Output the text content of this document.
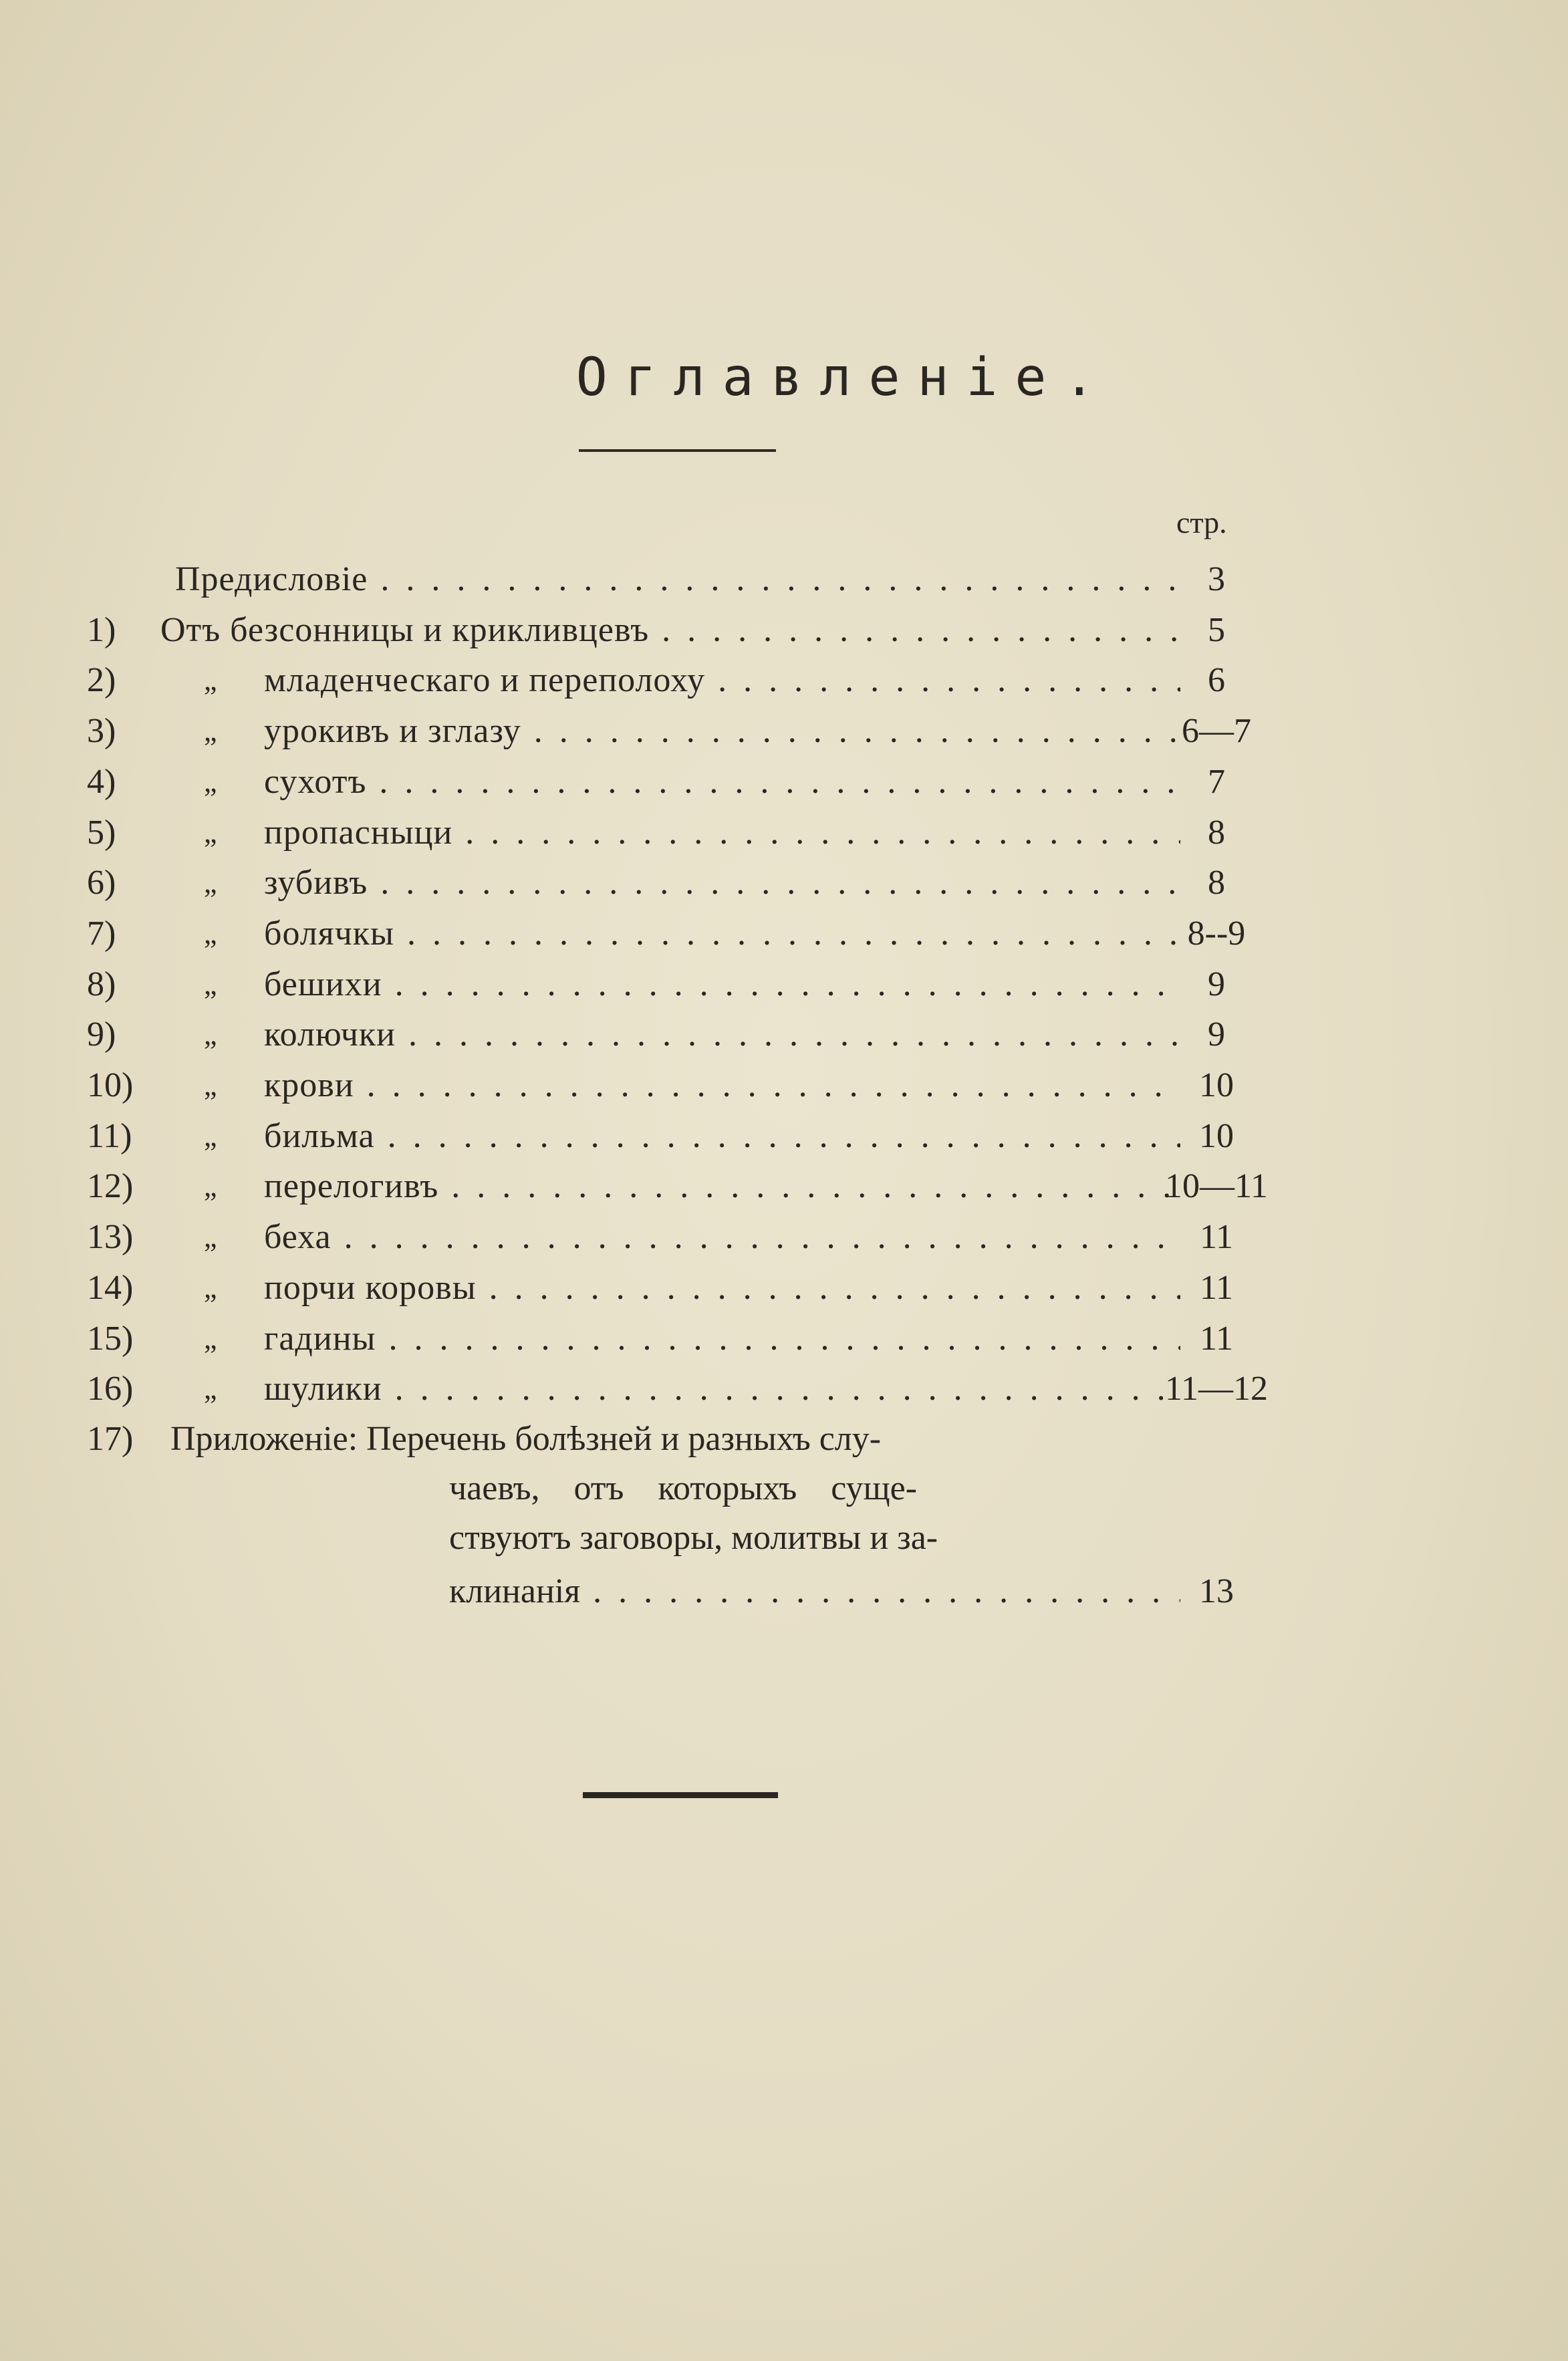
Оглавленіе.
стр.
Предисловіе . . .	3
1)	Отъ безсонницы и крикливцевъ . . .	5
2)	„ младенческаго и переполоху . . .	6
3)	„ урокивъ и зглазу . . .	6—7
4)	„ сухотъ . . .	7
5)	„ пропасныци . . .	8
6)	„ зубивъ . . .	8
7)	„ болячкы . . .	8--9
8)	„ бешихи . . .	9
9)	„ колючки . . .	9
10)	„ крови . . .	10
11)	„ бильма . . .	10
12)	„ перелогивъ . . .	10—11
13)	„ беха . . .	11
14)	„ порчи коровы . . .	11
15)	„ гадины . . .	11
16)	„ шулики . . .	11—12
17) Приложеніе: Перечень болѣзней и разныхъ слу-
чаевъ, отъ которыхъ суще-
ствуютъ заговоры, молитвы и за-
клинанія . . .	13
